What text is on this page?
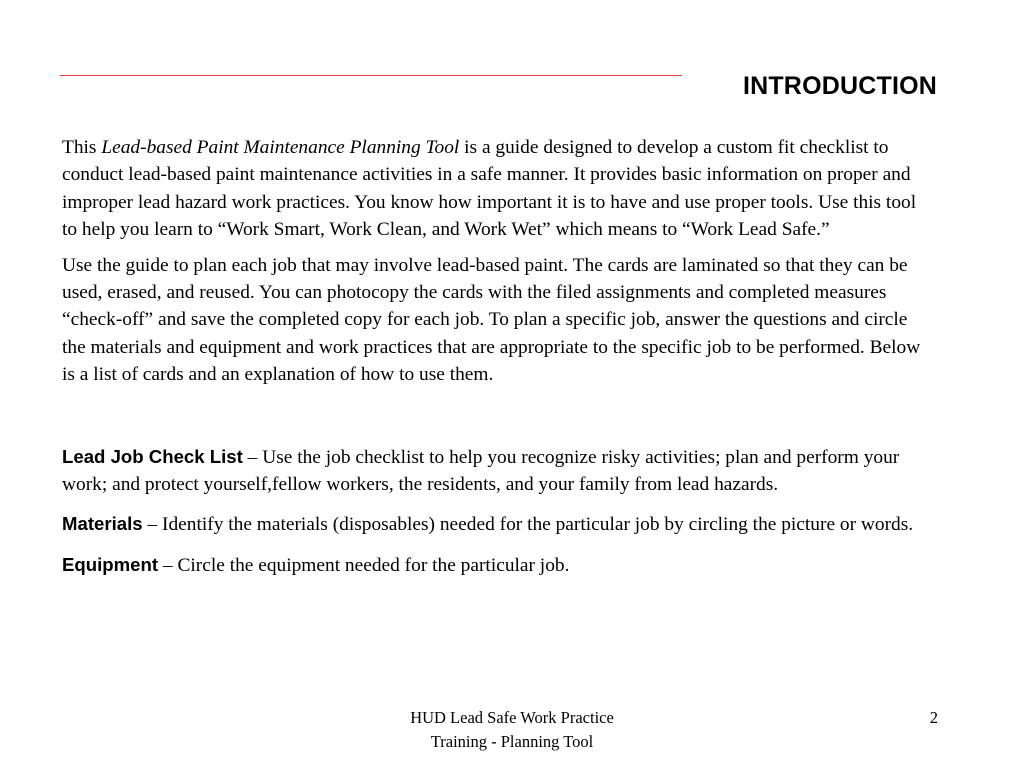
INTRODUCTION

This Lead-based Paint Maintenance Planning Tool is a guide designed to develop a custom fit checklist to conduct lead-based paint maintenance activities in a safe manner. It provides basic information on proper and improper lead hazard work practices. You know how important it is to have and use proper tools. Use this tool to help you learn to “Work Smart, Work Clean, and Work Wet” which means to “Work Lead Safe.”

Use the guide to plan each job that may involve lead-based paint. The cards are laminated so that they can be used, erased, and reused. You can photocopy the cards with the filed assignments and completed measures “check-off” and save the completed copy for each job. To plan a specific job, answer the questions and circle the materials and equipment and work practices that are appropriate to the specific job to be performed. Below is a list of cards and an explanation of how to use them.

Lead Job Check List – Use the job checklist to help you recognize risky activities; plan and perform your work; and protect yourself,fellow workers, the residents, and your family from lead hazards.

Materials – Identify the materials (disposables) needed for the particular job by circling the picture or words.

Equipment – Circle the equipment needed for the particular job.

HUD Lead Safe Work Practice
Training - Planning Tool
2
